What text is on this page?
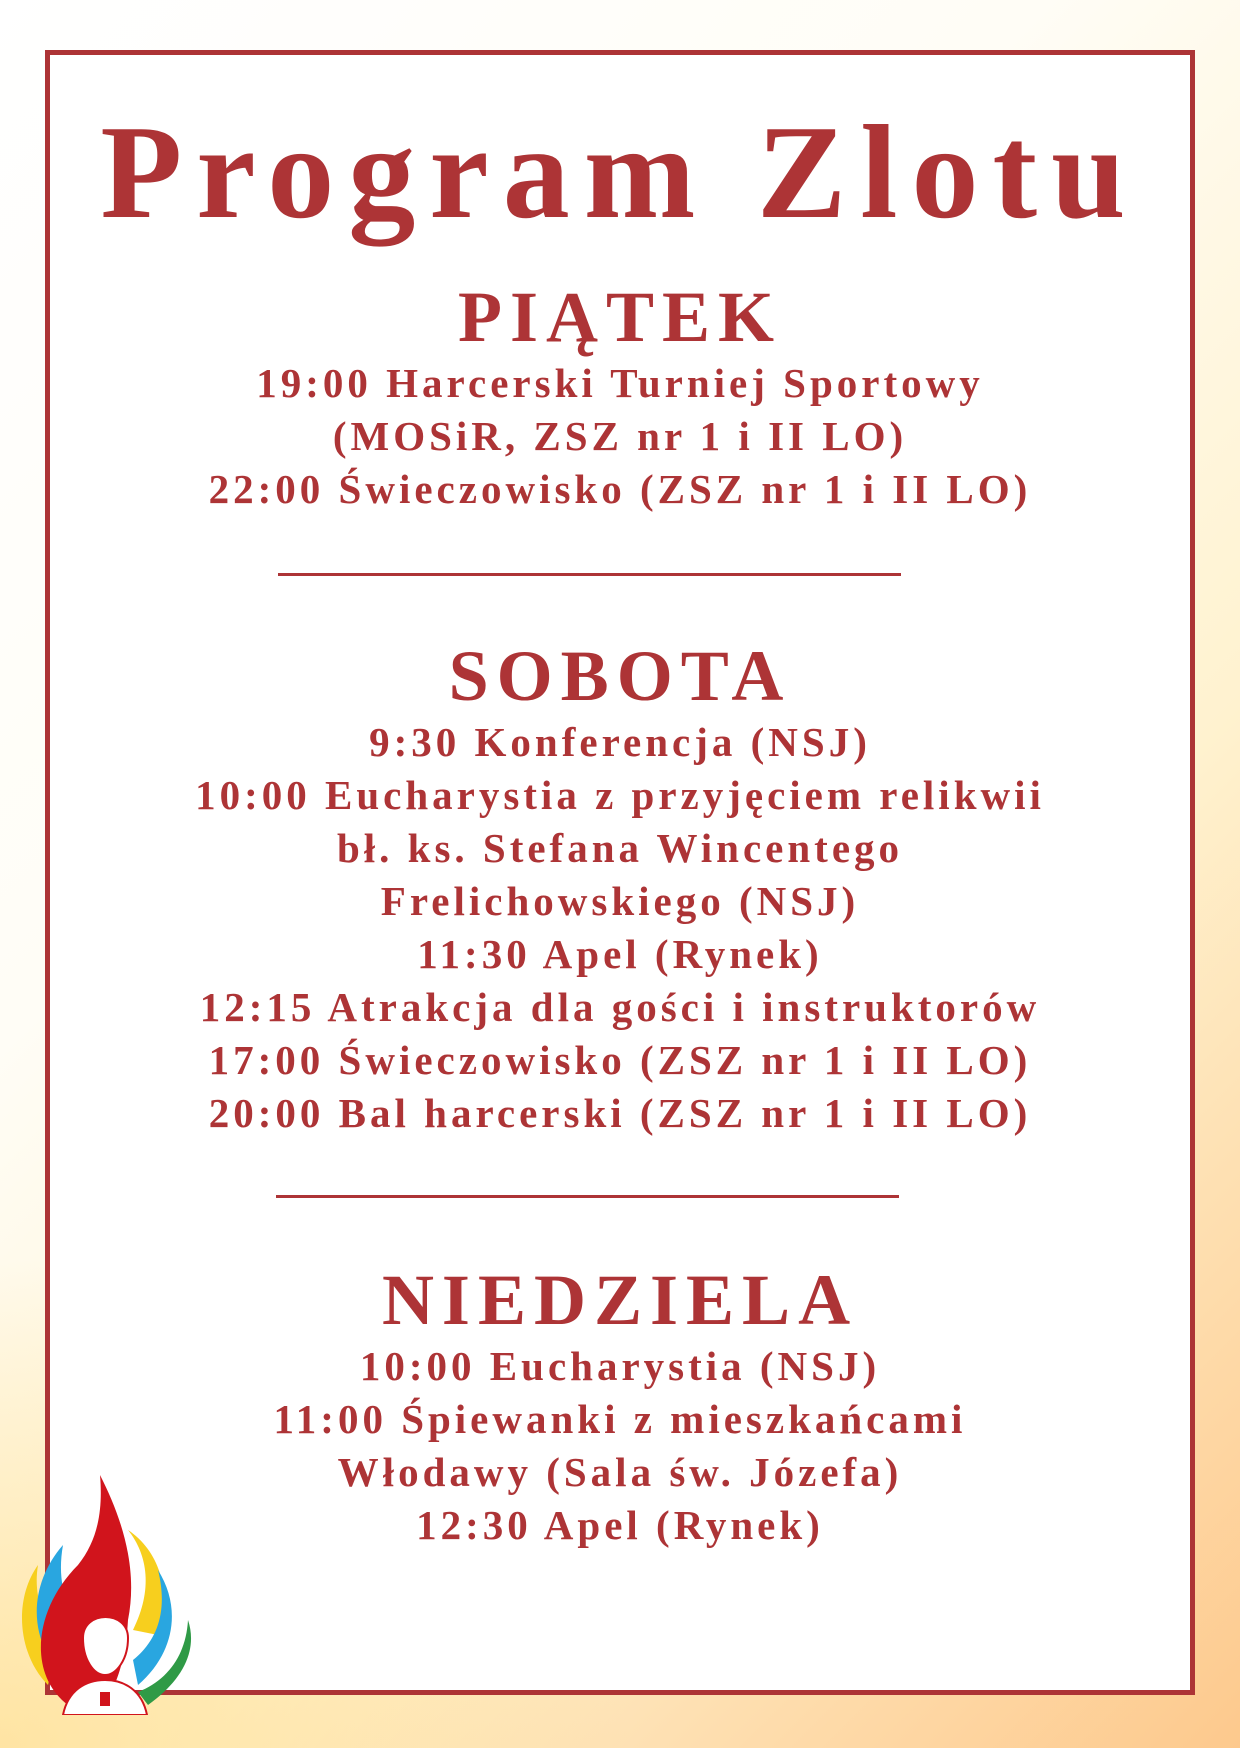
Program Zlotu
PIĄTEK

19:00 Harcerski Turniej Sportowy

(MOSiR, ZSZ nr 1 i II LO)

22:00 Świeczowisko (ZSZ nr 1 i II LO)

SOBOTA

9:30 Konferencja (NSJ)

10:00 Eucharystia z przyjęciem relikwii

bł. ks. Stefana Wincentego

Frelichowskiego (NSJ)

11:30 Apel (Rynek)

12:15 Atrakcja dla gości i instruktorów

17:00 Świeczowisko (ZSZ nr 1 i II LO)

20:00 Bal harcerski (ZSZ nr 1 i II LO)

NIEDZIELA

10:00 Eucharystia (NSJ)

11:00 Śpiewanki z mieszkańcami

Włodawy (Sala św. Józefa)

12:30 Apel (Rynek)
